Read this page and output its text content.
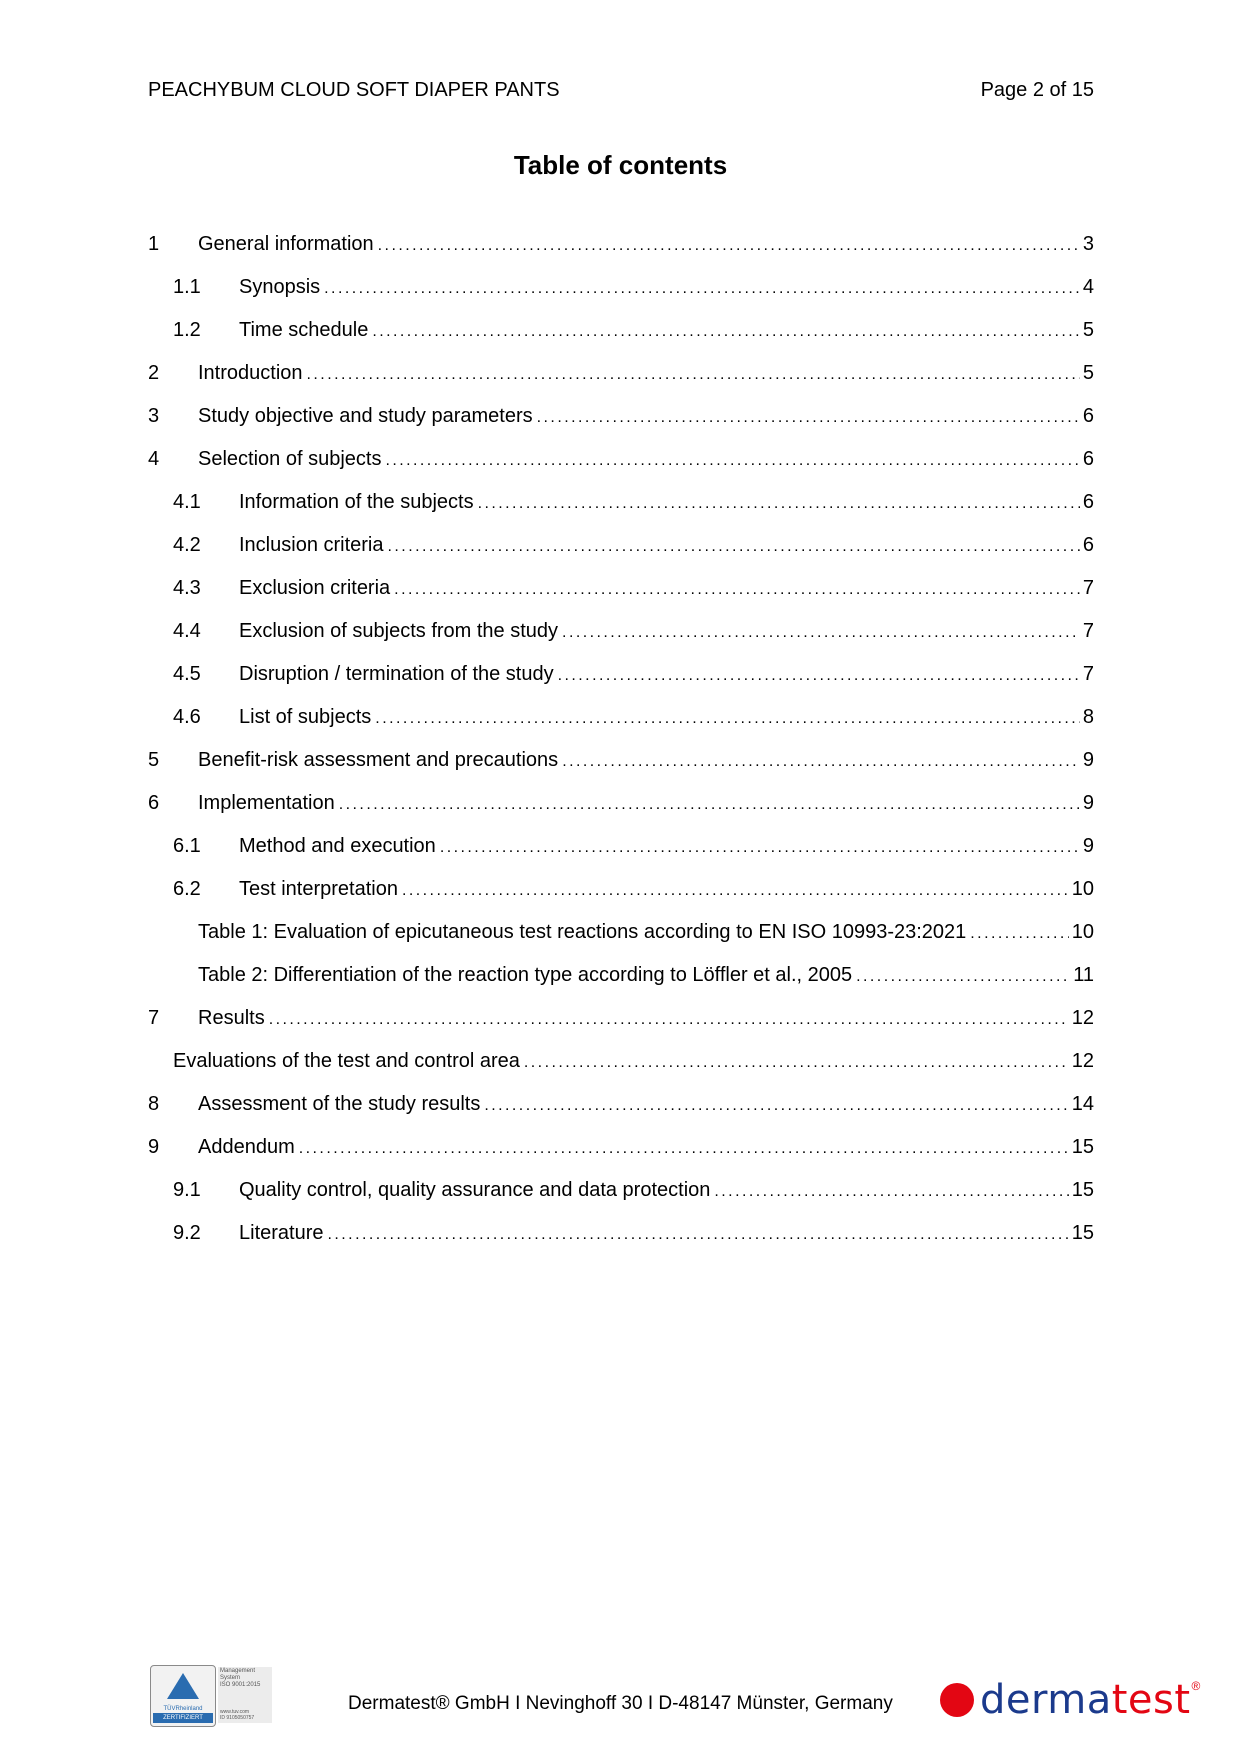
PEACHYBUM CLOUD SOFT DIAPER PANTS	Page 2 of 15
Table of contents
1	General information . . .	3
1.1	Synopsis . . .	4
1.2	Time schedule . . .	5
2	Introduction . . .	5
3	Study objective and study parameters . . .	6
4	Selection of subjects . . .	6
4.1	Information of the subjects . . .	6
4.2	Inclusion criteria . . .	6
4.3	Exclusion criteria . . .	7
4.4	Exclusion of subjects from the study . . .	7
4.5	Disruption / termination of the study . . .	7
4.6	List of subjects . . .	8
5	Benefit-risk assessment and precautions . . .	9
6	Implementation . . .	9
6.1	Method and execution . . .	9
6.2	Test interpretation . . .	10
Table 1: Evaluation of epicutaneous test reactions according to EN ISO 10993-23:2021 . . .	10
Table 2: Differentiation of the reaction type according to Löffler et al., 2005 . . .	11
7	Results . . .	12
Evaluations of the test and control area . . .	12
8	Assessment of the study results . . .	14
9	Addendum . . .	15
9.1	Quality control, quality assurance and data protection . . .	15
9.2	Literature . . .	15
TÜVRheinland
ZERTIFIZIERT
Management
System
ISO 9001:2015
www.tuv.com
ID 9105050757
Dermatest® GmbH I Nevinghoff 30 I D-48147 Münster, Germany dermatest ®
